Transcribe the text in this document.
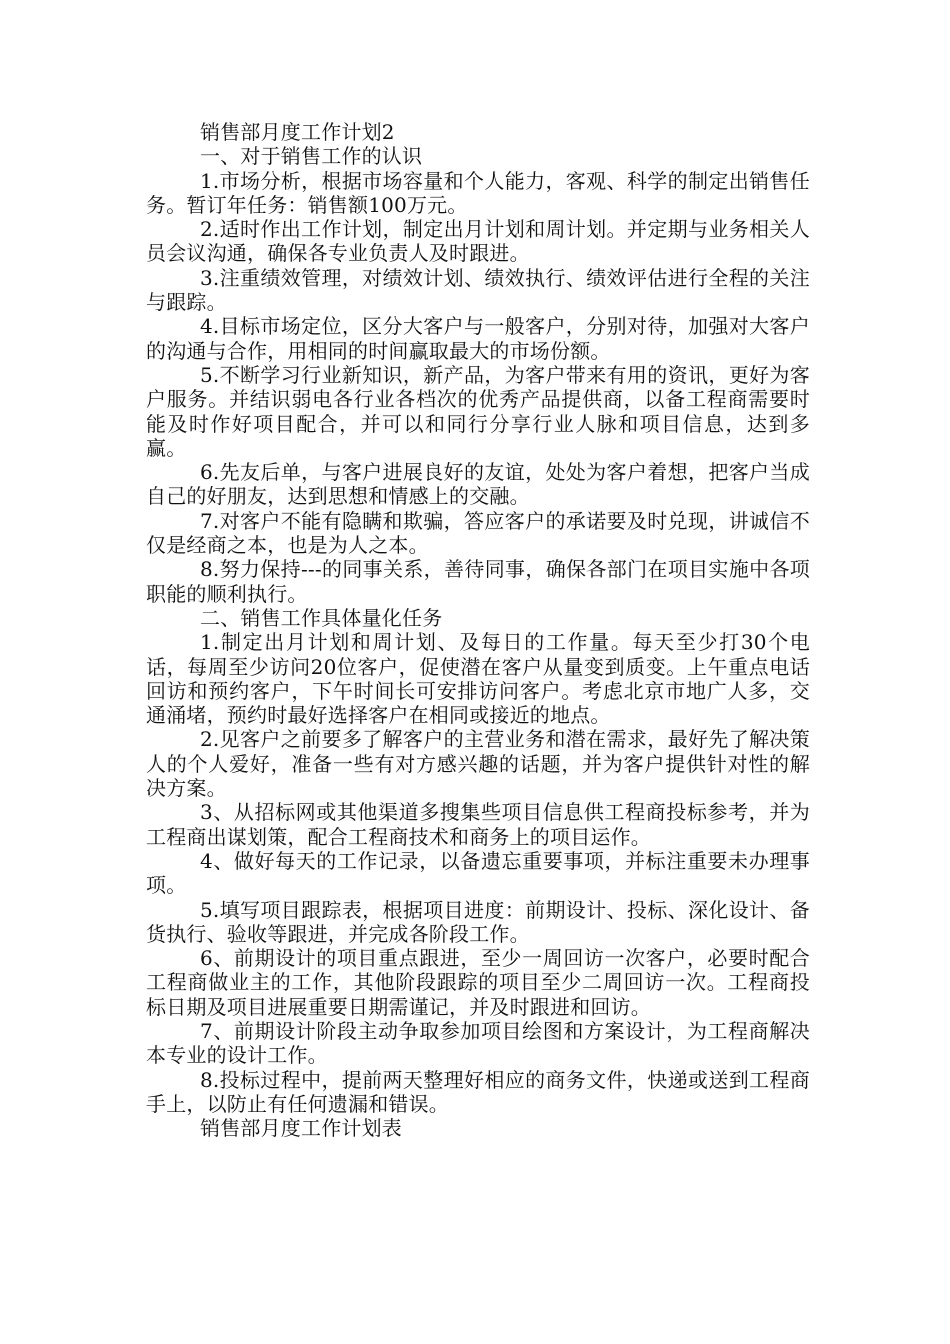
销售部月度工作计划2

一、对于销售工作的认识

1.市场分析，根据市场容量和个人能力，客观、科学的制定出销售任务。暂订年任务：销售额100万元。

2.适时作出工作计划，制定出月计划和周计划。并定期与业务相关人员会议沟通，确保各专业负责人及时跟进。

3.注重绩效管理，对绩效计划、绩效执行、绩效评估进行全程的关注与跟踪。

4.目标市场定位，区分大客户与一般客户，分别对待，加强对大客户的沟通与合作，用相同的时间赢取最大的市场份额。

5.不断学习行业新知识，新产品，为客户带来有用的资讯，更好为客户服务。并结识弱电各行业各档次的优秀产品提供商，以备工程商需要时能及时作好项目配合，并可以和同行分享行业人脉和项目信息，达到多赢。

6.先友后单，与客户进展良好的友谊，处处为客户着想，把客户当成自己的好朋友，达到思想和情感上的交融。

7.对客户不能有隐瞒和欺骗，答应客户的承诺要及时兑现，讲诚信不仅是经商之本，也是为人之本。

8.努力保持---的同事关系，善待同事，确保各部门在项目实施中各项职能的顺利执行。

二、销售工作具体量化任务

1.制定出月计划和周计划、及每日的工作量。每天至少打30个电话，每周至少访问20位客户，促使潜在客户从量变到质变。上午重点电话回访和预约客户，下午时间长可安排访问客户。考虑北京市地广人多，交通涌堵，预约时最好选择客户在相同或接近的地点。

2.见客户之前要多了解客户的主营业务和潜在需求，最好先了解决策人的个人爱好，准备一些有对方感兴趣的话题，并为客户提供针对性的解决方案。

3、从招标网或其他渠道多搜集些项目信息供工程商投标参考，并为工程商出谋划策，配合工程商技术和商务上的项目运作。

4、做好每天的工作记录，以备遗忘重要事项，并标注重要未办理事项。

5.填写项目跟踪表，根据项目进度：前期设计、投标、深化设计、备货执行、验收等跟进，并完成各阶段工作。

6、前期设计的项目重点跟进，至少一周回访一次客户，必要时配合工程商做业主的工作，其他阶段跟踪的项目至少二周回访一次。工程商投标日期及项目进展重要日期需谨记，并及时跟进和回访。

7、前期设计阶段主动争取参加项目绘图和方案设计，为工程商解决本专业的设计工作。

8.投标过程中，提前两天整理好相应的商务文件，快递或送到工程商手上，以防止有任何遗漏和错误。

销售部月度工作计划表
